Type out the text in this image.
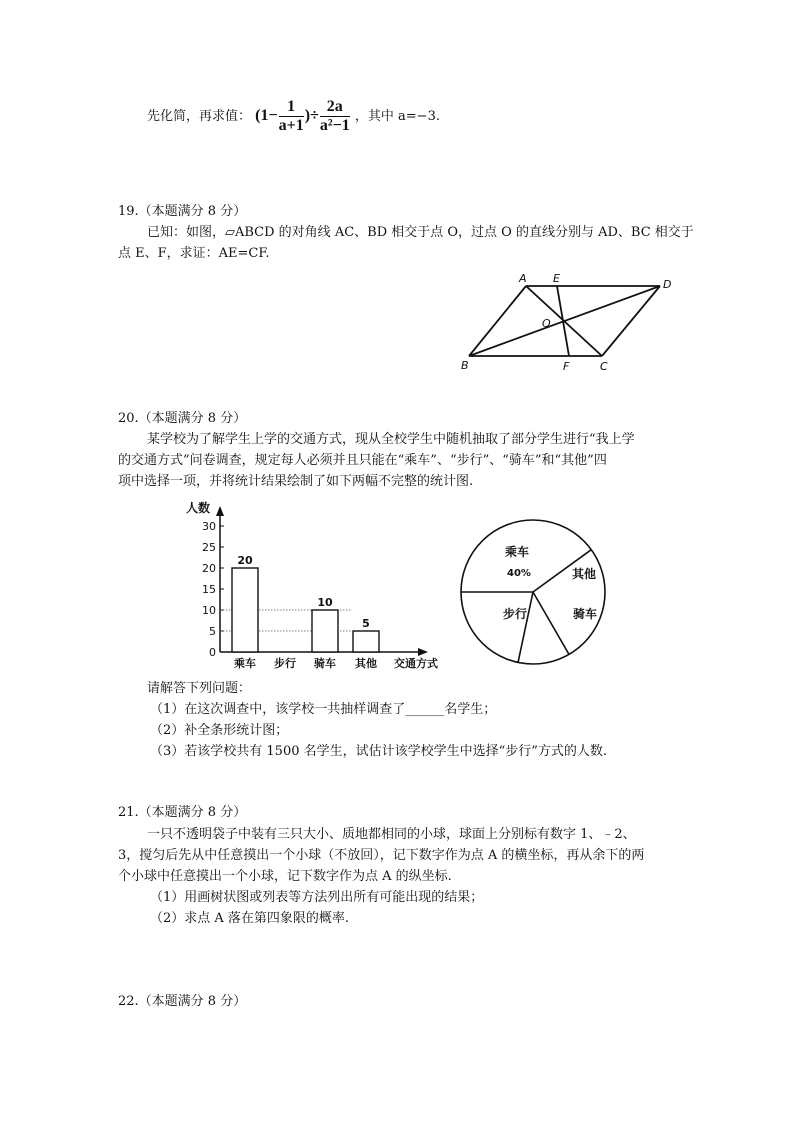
先化简，再求值： ($1- \frac{1}{a+1}$ )÷ $\frac{2a}{\text{a²−1}}$ ，其中 a=−3.
19.（本题满分 8 分）
已知：如图，▱ABCD 的对角线 AC、BD 相交于点 O，过点 O 的直线分别与 AD、BC 相交于
点 E、F，求证：AE=CF.
A E	D
O
B	F	C
20.（本题满分 8 分）
某学校为了解学生上学的交通方式，现从全校学生中随机抽取了部分学生进行“我上学
的交通方式”问卷调查，规定每人必须并且只能在“乘车”、“步行”、“骑车”和“其他”四
项中选择一项，并将统计结果绘制了如下两幅不完整的统计图.
人数
0
5
10
15
20
25
30
20
乘车 步行
10
骑车
5
其他 交通方式
乘车
其他
骑车
步行
40%
请解答下列问题：
（1）在这次调查中，该学校一共抽样调查了______名学生；
（2）补全条形统计图；
（3）若该学校共有 1500 名学生，试估计该学校学生中选择“步行”方式的人数.
21.（本题满分 8 分）
一只不透明袋子中装有三只大小、质地都相同的小球，球面上分别标有数字 1、﹣2、
3，搅匀后先从中任意摸出一个小球（不放回），记下数字作为点 A 的横坐标，再从余下的两
个小球中任意摸出一个小球，记下数字作为点 A 的纵坐标.
（1）用画树状图或列表等方法列出所有可能出现的结果；
（2）求点 A 落在第四象限的概率.
22.（本题满分 8 分）
